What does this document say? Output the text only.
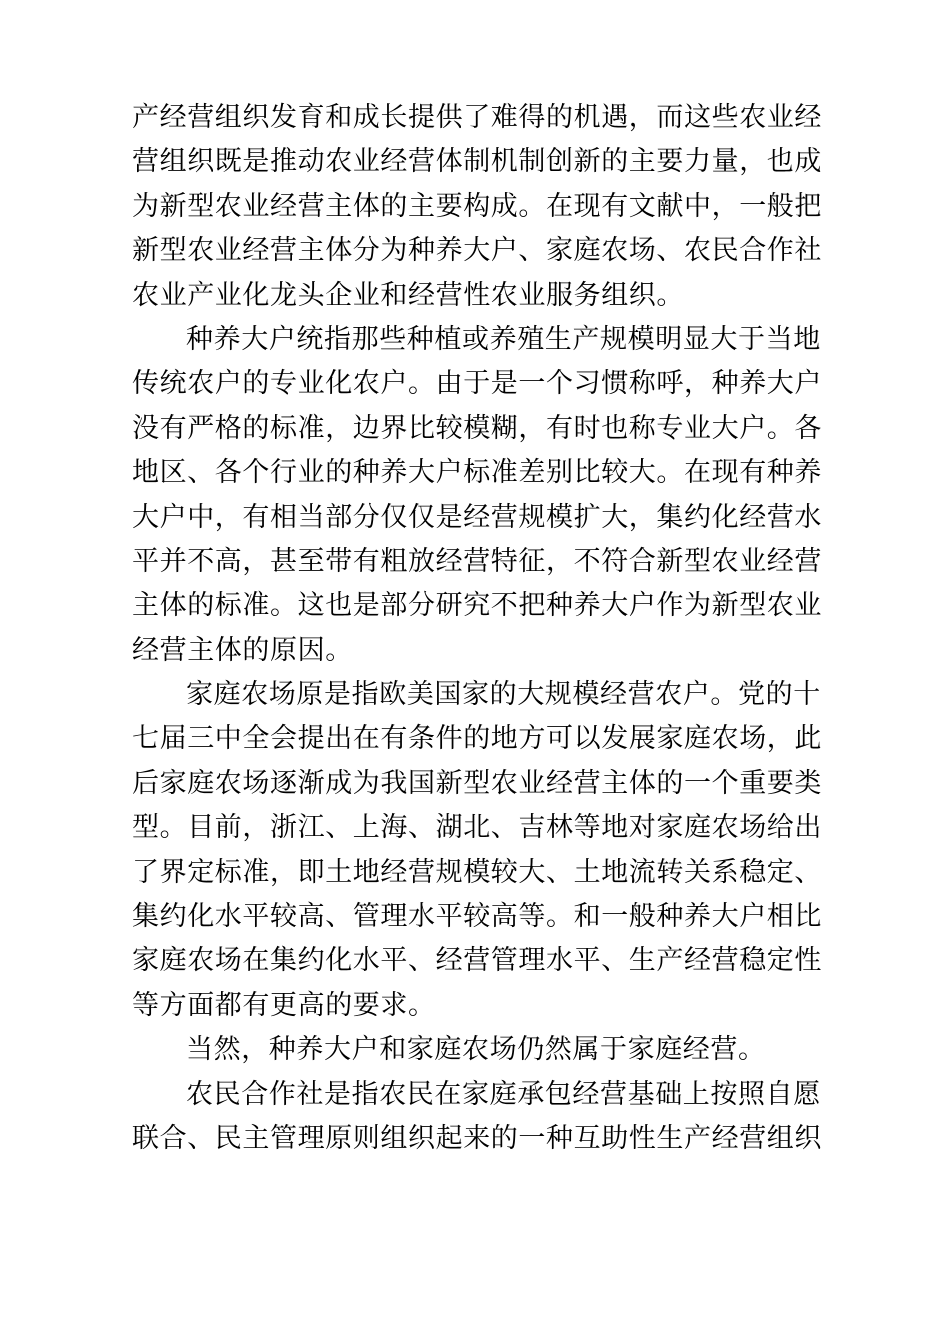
产经营组织发育和成长提供了难得的机遇，而这些农业经
营组织既是推动农业经营体制机制创新的主要力量，也成
为新型农业经营主体的主要构成。在现有文献中，一般把
新型农业经营主体分为种养大户、家庭农场、农民合作社
农业产业化龙头企业和经营性农业服务组织。
种养大户统指那些种植或养殖生产规模明显大于当地
传统农户的专业化农户。由于是一个习惯称呼，种养大户
没有严格的标准，边界比较模糊，有时也称专业大户。各
地区、各个行业的种养大户标准差别比较大。在现有种养
大户中，有相当部分仅仅是经营规模扩大，集约化经营水
平并不高，甚至带有粗放经营特征，不符合新型农业经营
主体的标准。这也是部分研究不把种养大户作为新型农业
经营主体的原因。
家庭农场原是指欧美国家的大规模经营农户。党的十
七届三中全会提出在有条件的地方可以发展家庭农场，此
后家庭农场逐渐成为我国新型农业经营主体的一个重要类
型。目前，浙江、上海、湖北、吉林等地对家庭农场给出
了界定标准，即土地经营规模较大、土地流转关系稳定、
集约化水平较高、管理水平较高等。和一般种养大户相比
家庭农场在集约化水平、经营管理水平、生产经营稳定性
等方面都有更高的要求。
当然，种养大户和家庭农场仍然属于家庭经营。
农民合作社是指农民在家庭承包经营基础上按照自愿
联合、民主管理原则组织起来的一种互助性生产经营组织
